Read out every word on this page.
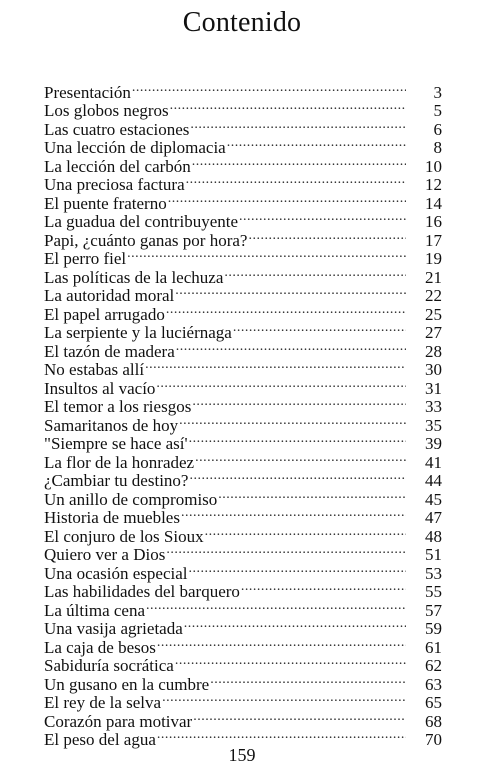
Contenido
Presentación .....	3
Los globos negros .....	5
Las cuatro estaciones .....	6
Una lección de diplomacia .....	8
La lección del carbón .....	10
Una preciosa factura .....	12
El puente fraterno .....	14
La guadua del contribuyente .....	16
Papi, ¿cuánto ganas por hora? .....	17
El perro fiel .....	19
Las políticas de la lechuza .....	21
La autoridad moral .....	22
El papel arrugado .....	25
La serpiente y la luciérnaga .....	27
El tazón de madera .....	28
No estabas allí .....	30
Insultos al vacío .....	31
El temor a los riesgos .....	33
Samaritanos de hoy .....	35
"Siempre se hace así' .....	39
La flor de la honradez .....	41
¿Cambiar tu destino? .....	44
Un anillo de compromiso .....	45
Historia de muebles .....	47
El conjuro de los Sioux .....	48
Quiero ver a Dios .....	51
Una ocasión especial .....	53
Las habilidades del barquero .....	55
La última cena .....	57
Una vasija agrietada .....	59
La caja de besos .....	61
Sabiduría socrática .....	62
Un gusano en la cumbre .....	63
El rey de la selva .....	65
Corazón para motivar .....	68
El peso del agua .....	70
159
